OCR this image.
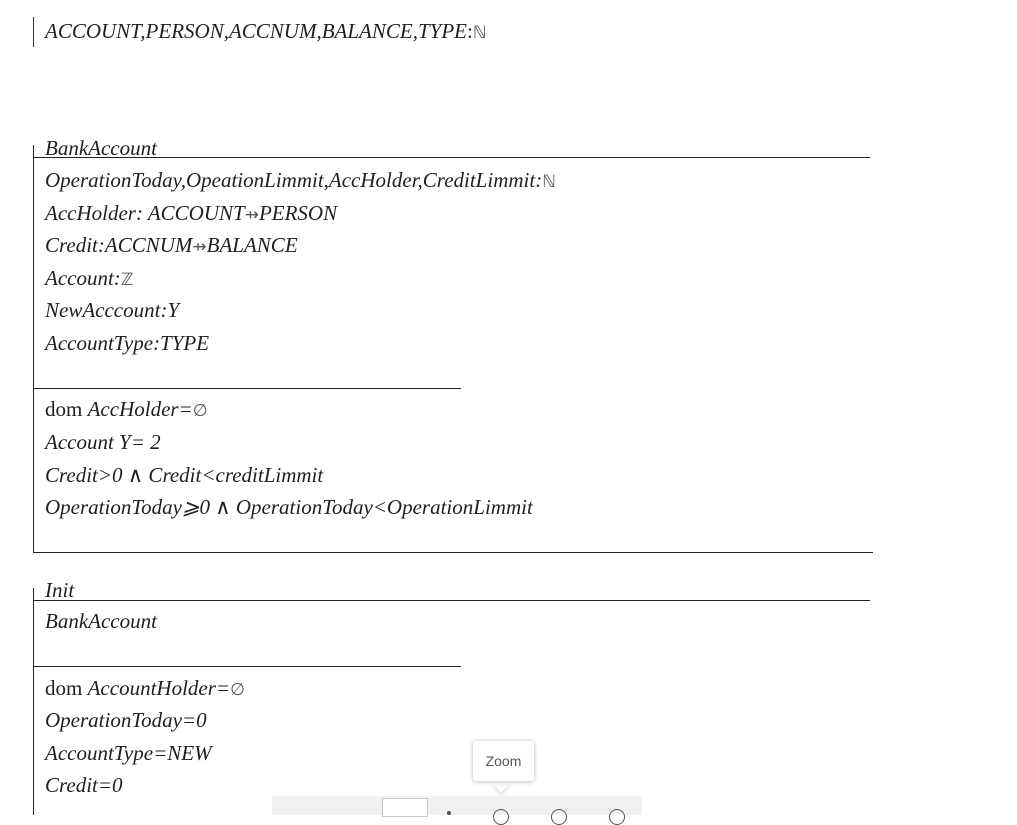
ACCOUNT,PERSON,ACCNUM,BALANCE,TYPE:ℕ
BankAccount
OperationToday,OpeationLimmit,AccHolder,CreditLimmit:ℕ
AccHolder: ACCOUNT⇸PERSON
Credit:ACCNUM⇸BALANCE
Account:ℤ
NewAcccount:Y
AccountType:TYPE
dom AccHolder=∅
Account Y= 2
Credit>0 ∧ Credit<creditLimmit
OperationToday⩾0 ∧ OperationToday<OperationLimmit
Init
BankAccount
dom AccountHolder=∅
OperationToday=0
AccountType=NEW
Credit=0
Zoom
